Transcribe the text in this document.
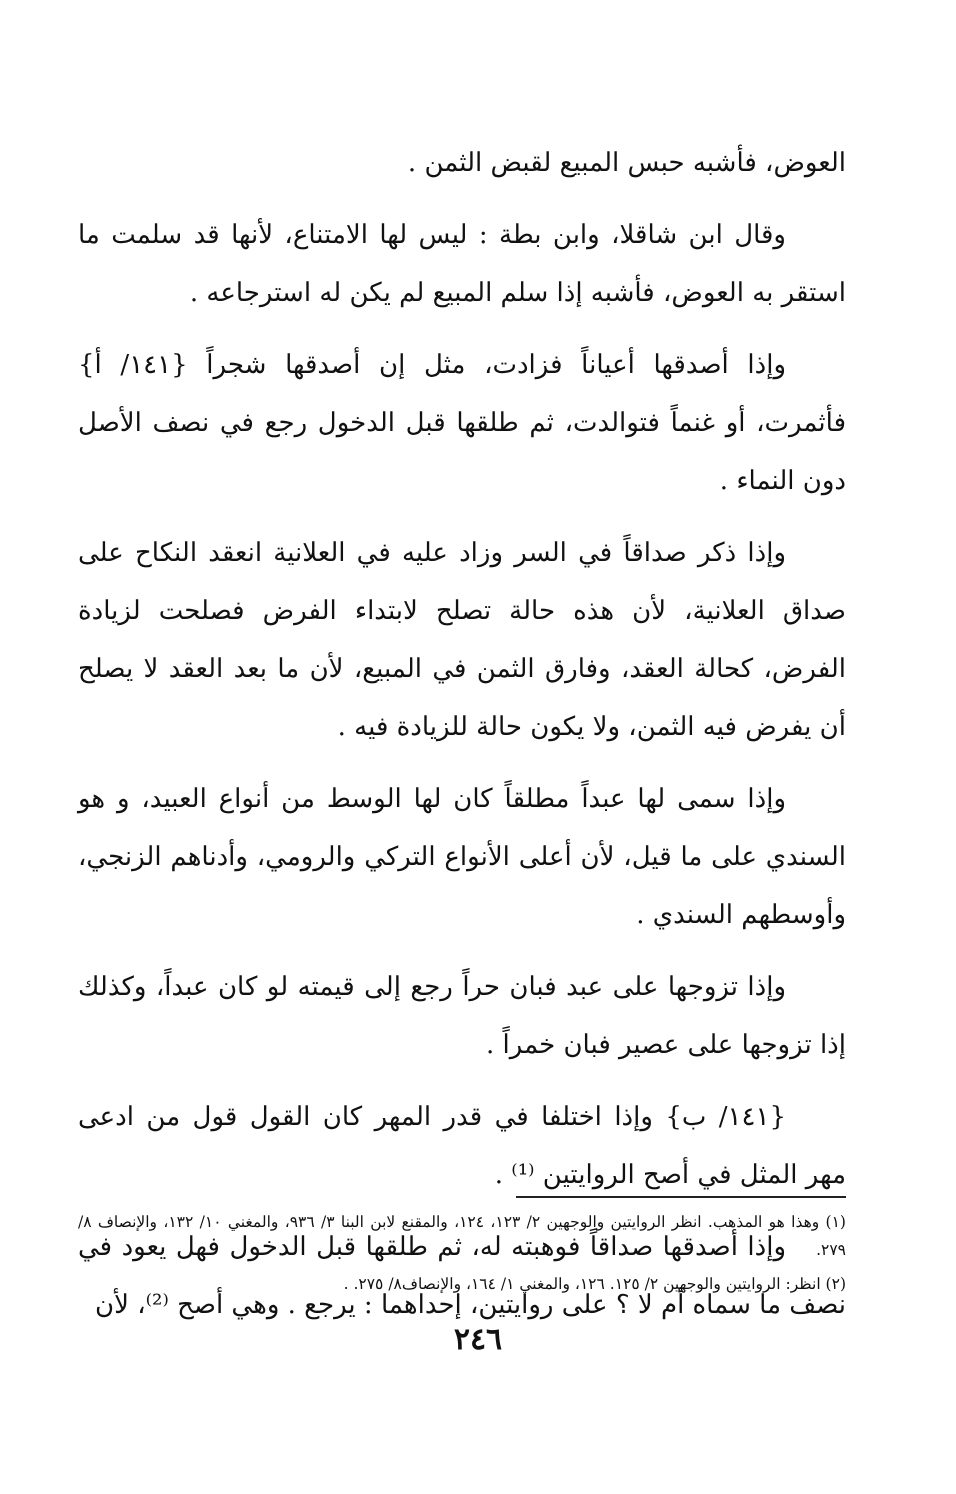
العوض، فأشبه حبس المبيع لقبض الثمن .

وقال ابن شاقلا، وابن بطة : ليس لها الامتناع، لأنها قد سلمت ما استقر به العوض، فأشبه إذا سلم المبيع لم يكن له استرجاعه .

وإذا أصدقها أعياناً فزادت، مثل إن أصدقها شجراً {١٤١/ أ} فأثمرت، أو غنماً فتوالدت، ثم طلقها قبل الدخول رجع في نصف الأصل دون النماء .

وإذا ذكر صداقاً في السر وزاد عليه في العلانية انعقد النكاح على صداق العلانية، لأن هذه حالة تصلح لابتداء الفرض فصلحت لزيادة الفرض، كحالة العقد، وفارق الثمن في المبيع، لأن ما بعد العقد لا يصلح أن يفرض فيه الثمن، ولا يكون حالة للزيادة فيه .

وإذا سمى لها عبداً مطلقاً كان لها الوسط من أنواع العبيد، و هو السندي على ما قيل، لأن أعلى الأنواع التركي والرومي، وأدناهم الزنجي، وأوسطهم السندي .

وإذا تزوجها على عبد فبان حراً رجع إلى قيمته لو كان عبداً، وكذلك إذا تزوجها على عصير فبان خمراً .

{١٤١/ ب} وإذا اختلفا في قدر المهر كان القول قول من ادعى مهر المثل في أصح الروايتين ⁽¹⁾ .

وإذا أصدقها صداقاً فوهبته له، ثم طلقها قبل الدخول فهل يعود في نصف ما سماه أم لا ؟ على روايتين، إحداهما : يرجع . وهي أصح ⁽²⁾، لأن

(١) وهذا هو المذهب. انظر الروايتين والوجهين ٢/ ١٢٣، ١٢٤، والمقنع لابن البنا ٣/ ٩٣٦، والمغني ١٠/ ١٣٢، والإنصاف ٨/ ٢٧٩.

(٢) انظر: الروايتين والوجهين ٢/ ١٢٥. ١٢٦، والمغني ١/ ١٦٤، والإنصاف٨/ ٢٧٥. .

٢٤٦
